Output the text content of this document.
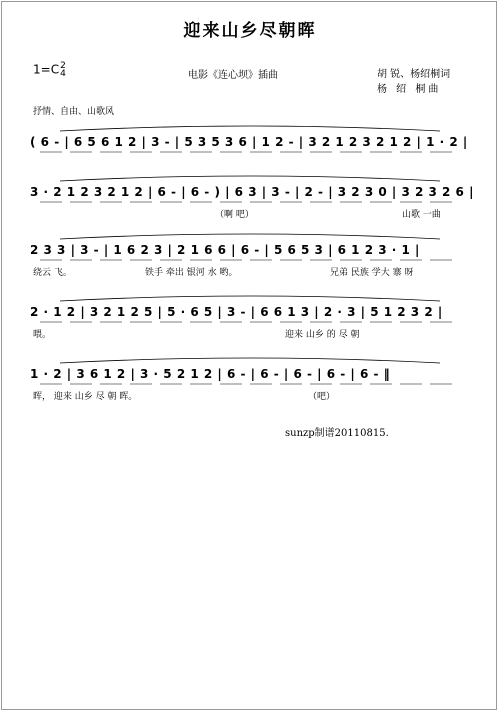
迎来山乡尽朝晖
1=C2
4	电影《连心坝》插曲	胡 锐、杨绍桐词
杨 绍 桐曲
抒情、自由、山歌风
( 6 - | 6 5 6 1 2 | 3 - | 5 3 5 3 6 | 1 2 - | 3 2 1 2 3 2 1 2 | 1 · 2 |
3 · 2 1 2 3 2 1 2 | 6 - | 6 - ) | 6 3 | 3 - | 2 - | 3 2 3 0 | 3 2 3 2 6 |
（啊 吧）	山歌 一曲
2 3 3 | 3 - | 1 6 2 3 | 2 1 6 6 | 6 - | 5 6 5 3 | 6 1 2 3 · 1 |
绕云 飞。	铁手 牵出 银河 水 哟。	兄弟 民族 学大 寨 呀
2 · 1 2 | 3 2 1 2 5 | 5 · 6 5 | 3 - | 6 6 1 3 | 2 · 3 | 5 1 2 3 2 |
喂。	迎来 山乡 的 尽 朝
1 · 2 | 3 6 1 2 | 3 · 5 2 1 2 | 6 - | 6 - | 6 - | 6 - | 6 - ‖
晖， 迎来 山乡 尽 朝 晖。	（吧）
sunzp制谱20110815.
